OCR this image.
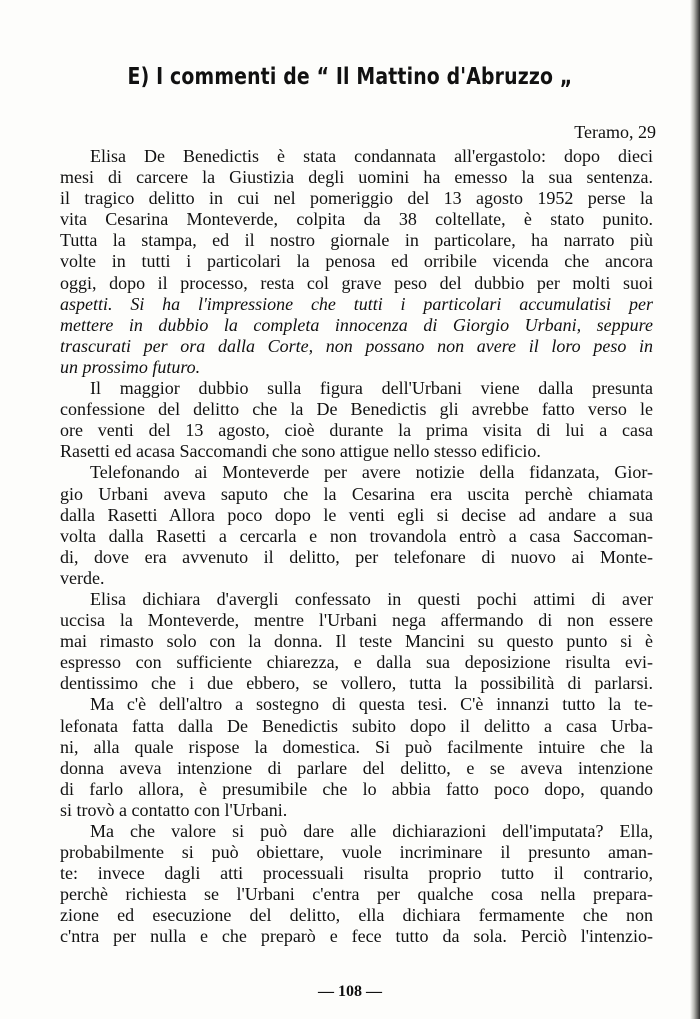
E) I commenti de “ Il Mattino d'Abruzzo „
Teramo, 29
Elisa De Benedictis è stata condannata all'ergastolo: dopo dieci
mesi di carcere la Giustizia degli uomini ha emesso la sua sentenza.
il tragico delitto in cui nel pomeriggio del 13 agosto 1952 perse la
vita Cesarina Monteverde, colpita da 38 coltellate, è stato punito.
Tutta la stampa, ed il nostro giornale in particolare, ha narrato più
volte in tutti i particolari la penosa ed orribile vicenda che ancora
oggi, dopo il processo, resta col grave peso del dubbio per molti suoi
aspetti. Si ha l'impressione che tutti i particolari accumulatisi per
mettere in dubbio la completa innocenza di Giorgio Urbani, seppure
trascurati per ora dalla Corte, non possano non avere il loro peso in
un prossimo futuro.
Il maggior dubbio sulla figura dell'Urbani viene dalla presunta
confessione del delitto che la De Benedictis gli avrebbe fatto verso le
ore venti del 13 agosto, cioè durante la prima visita di lui a casa
Rasetti ed acasa Saccomandi che sono attigue nello stesso edificio.
Telefonando ai Monteverde per avere notizie della fidanzata, Gior-
gio Urbani aveva saputo che la Cesarina era uscita perchè chiamata
dalla Rasetti Allora poco dopo le venti egli si decise ad andare a sua
volta dalla Rasetti a cercarla e non trovandola entrò a casa Saccoman-
di, dove era avvenuto il delitto, per telefonare di nuovo ai Monte-
verde.
Elisa dichiara d'avergli confessato in questi pochi attimi di aver
uccisa la Monteverde, mentre l'Urbani nega affermando di non essere
mai rimasto solo con la donna. Il teste Mancini su questo punto si è
espresso con sufficiente chiarezza, e dalla sua deposizione risulta evi-
dentissimo che i due ebbero, se vollero, tutta la possibilità di parlarsi.
Ma c'è dell'altro a sostegno di questa tesi. C'è innanzi tutto la te-
lefonata fatta dalla De Benedictis subito dopo il delitto a casa Urba-
ni, alla quale rispose la domestica. Si può facilmente intuire che la
donna aveva intenzione di parlare del delitto, e se aveva intenzione
di farlo allora, è presumibile che lo abbia fatto poco dopo, quando
si trovò a contatto con l'Urbani.
Ma che valore si può dare alle dichiarazioni dell'imputata? Ella,
probabilmente si può obiettare, vuole incriminare il presunto aman-
te: invece dagli atti processuali risulta proprio tutto il contrario,
perchè richiesta se l'Urbani c'entra per qualche cosa nella prepara-
zione ed esecuzione del delitto, ella dichiara fermamente che non
c'ntra per nulla e che preparò e fece tutto da sola. Perciò l'intenzio-
— 108 —
